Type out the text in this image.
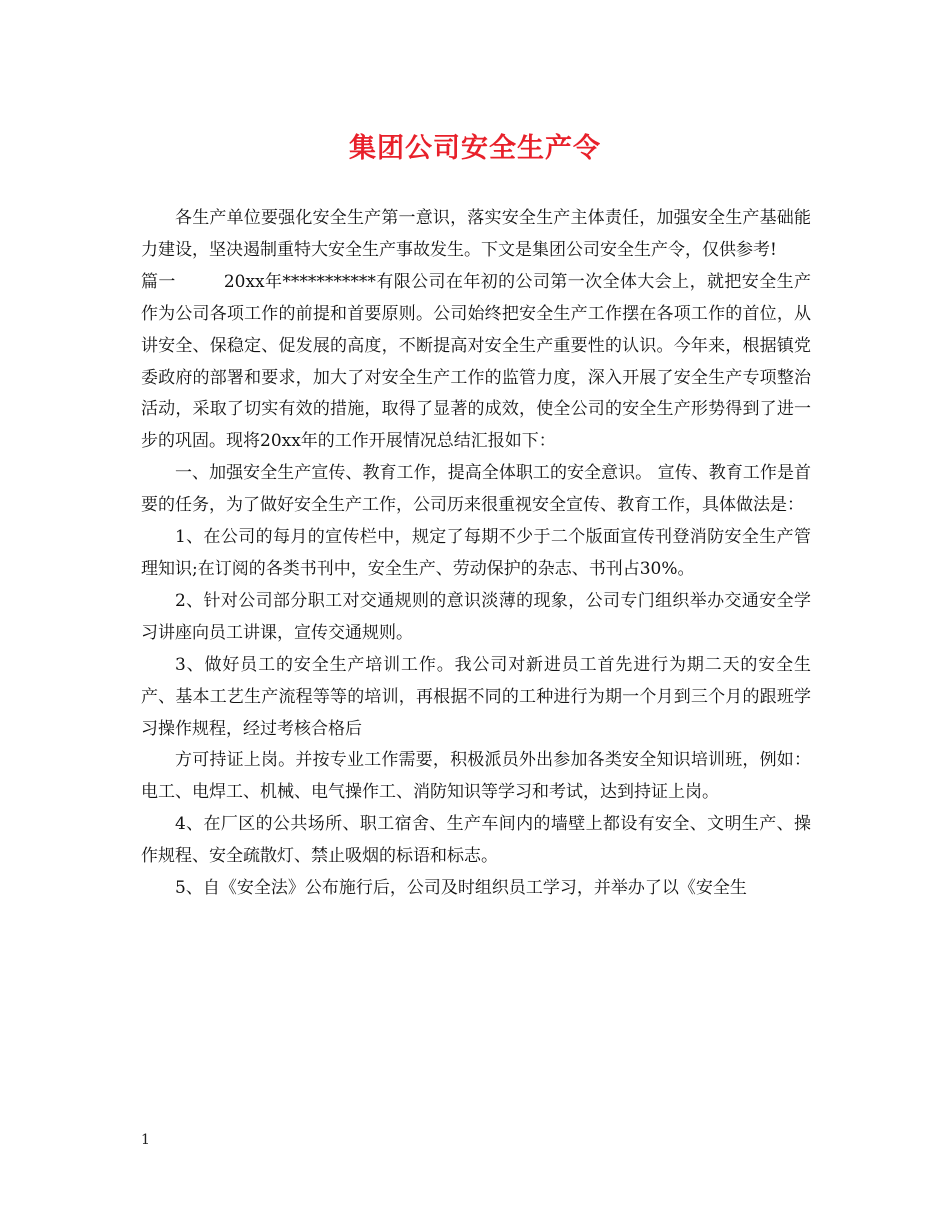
集团公司安全生产令

各生产单位要强化安全生产第一意识，落实安全生产主体责任，加强安全生产基础能力建设，坚决遏制重特大安全生产事故发生。下文是集团公司安全生产令，仅供参考!

篇一	20xx年***********有限公司在年初的公司第一次全体大会上，就把安全生产作为公司各项工作的前提和首要原则。公司始终把安全生产工作摆在各项工作的首位，从讲安全、保稳定、促发展的高度，不断提高对安全生产重要性的认识。今年来，根据镇党委政府的部署和要求，加大了对安全生产工作的监管力度，深入开展了安全生产专项整治活动，采取了切实有效的措施，取得了显著的成效，使全公司的安全生产形势得到了进一步的巩固。现将20xx年的工作开展情况总结汇报如下：

一、加强安全生产宣传、教育工作，提高全体职工的安全意识。 宣传、教育工作是首要的任务，为了做好安全生产工作，公司历来很重视安全宣传、教育工作，具体做法是：

1、在公司的每月的宣传栏中，规定了每期不少于二个版面宣传刊登消防安全生产管理知识;在订阅的各类书刊中，安全生产、劳动保护的杂志、书刊占30%。

2、针对公司部分职工对交通规则的意识淡薄的现象，公司专门组织举办交通安全学习讲座向员工讲课，宣传交通规则。

3、做好员工的安全生产培训工作。我公司对新进员工首先进行为期二天的安全生产、基本工艺生产流程等等的培训，再根据不同的工种进行为期一个月到三个月的跟班学习操作规程，经过考核合格后

方可持证上岗。并按专业工作需要，积极派员外出参加各类安全知识培训班，例如：电工、电焊工、机械、电气操作工、消防知识等学习和考试，达到持证上岗。

4、在厂区的公共场所、职工宿舍、生产车间内的墙壁上都设有安全、文明生产、操作规程、安全疏散灯、禁止吸烟的标语和标志。

5、自《安全法》公布施行后，公司及时组织员工学习，并举办了以《安全生

1
